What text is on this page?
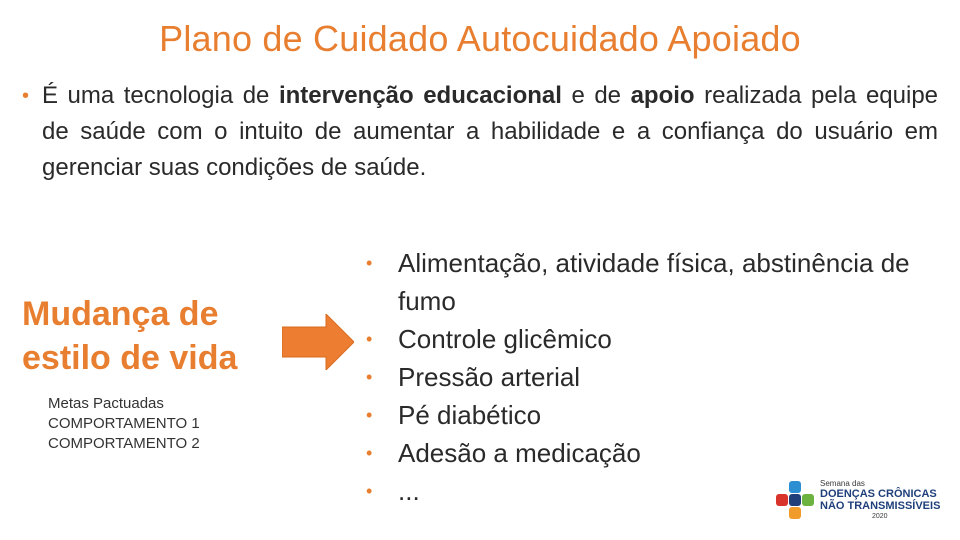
Plano de Cuidado Autocuidado Apoiado
• É uma tecnologia de intervenção educacional e de apoio realizada pela equipe de saúde com o intuito de aumentar a habilidade e a confiança do usuário em gerenciar suas condições de saúde.
Mudança de
estilo de vida
Metas Pactuadas
COMPORTAMENTO 1
COMPORTAMENTO 2
• Alimentação, atividade física, abstinência de fumo
• Controle glicêmico
• Pressão arterial
• Pé diabético
• Adesão a medicação
• ...	Semana das
DOENÇAS CRÔNICAS
NÃO TRANSMISSÍVEIS
2020
